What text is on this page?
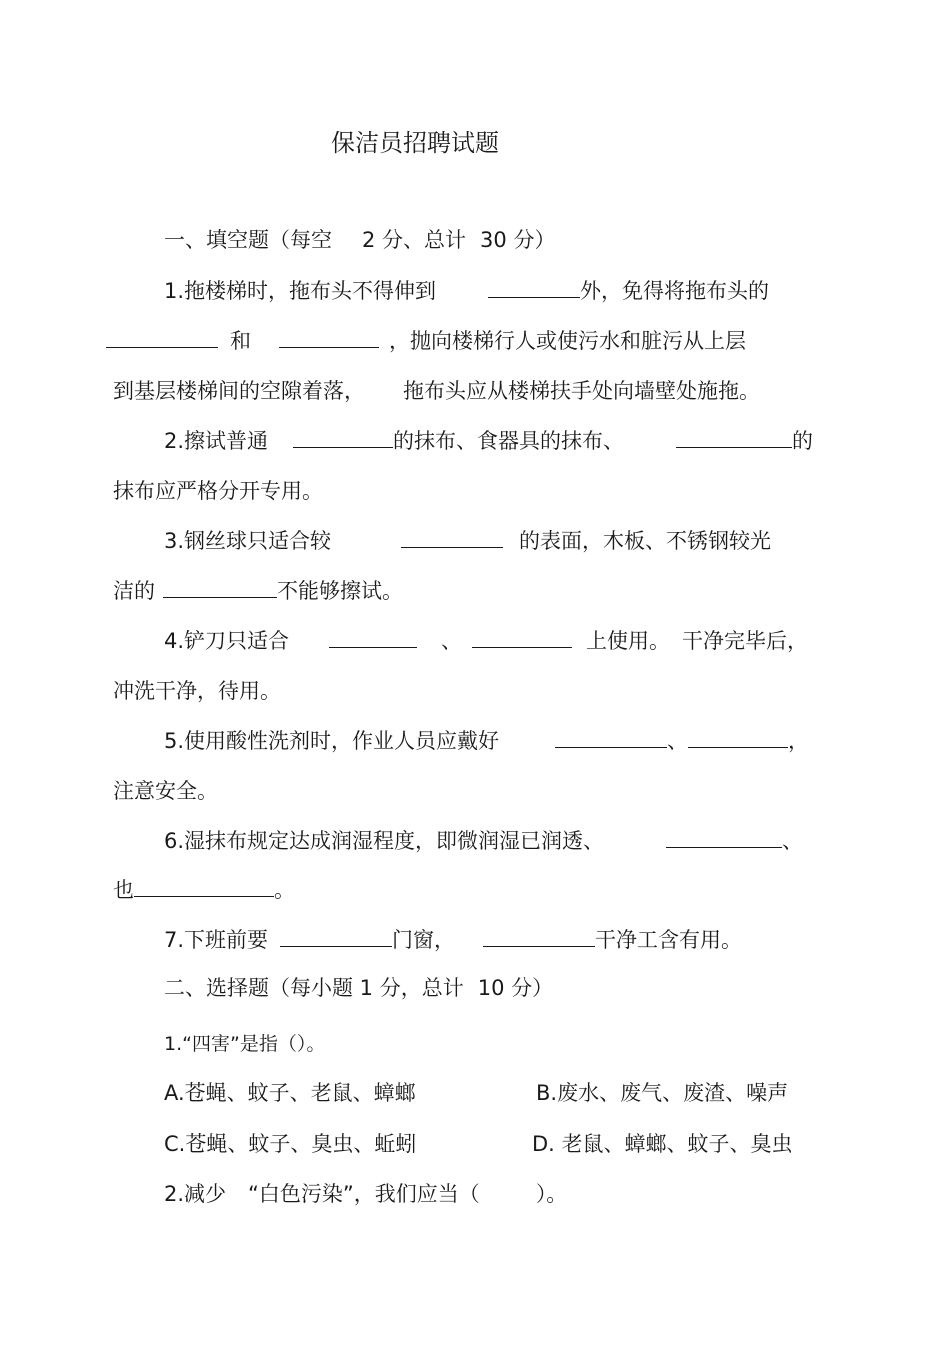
保洁员招聘试题
一、填空题（每空 2 分、总计 30 分）
1.拖楼梯时，拖布头不得伸到	外，免得将拖布头的
和	，抛向楼梯行人或使污水和脏污从上层
到基层楼梯间的空隙着落， 拖布头应从楼梯扶手处向墙壁处施拖。
2.擦试普通	的抹布、食器具的抹布、	的
抹布应严格分开专用。
3.钢丝球只适合较	的表面，木板、不锈钢较光
洁的	不能够擦试。
4.铲刀只适合	、	上使用。 干净完毕后，
冲洗干净，待用。
5.使用酸性洗剂时，作业人员应戴好	、	，
注意安全。
6.湿抹布规定达成润湿程度，即微润湿已润透、	、
也	。
7.下班前要	门窗，	干净工含有用。
二、选择题（每小题 1 分，总计 10 分）
1.“四害”是指（）。
A.苍蝇、蚊子、老鼠、蟑螂	B.废水、废气、废渣、噪声
C.苍蝇、蚊子、臭虫、蚯蚓	D. 老鼠、蟑螂、蚊子、臭虫
2.减少 “白色污染”，我们应当（	）。
